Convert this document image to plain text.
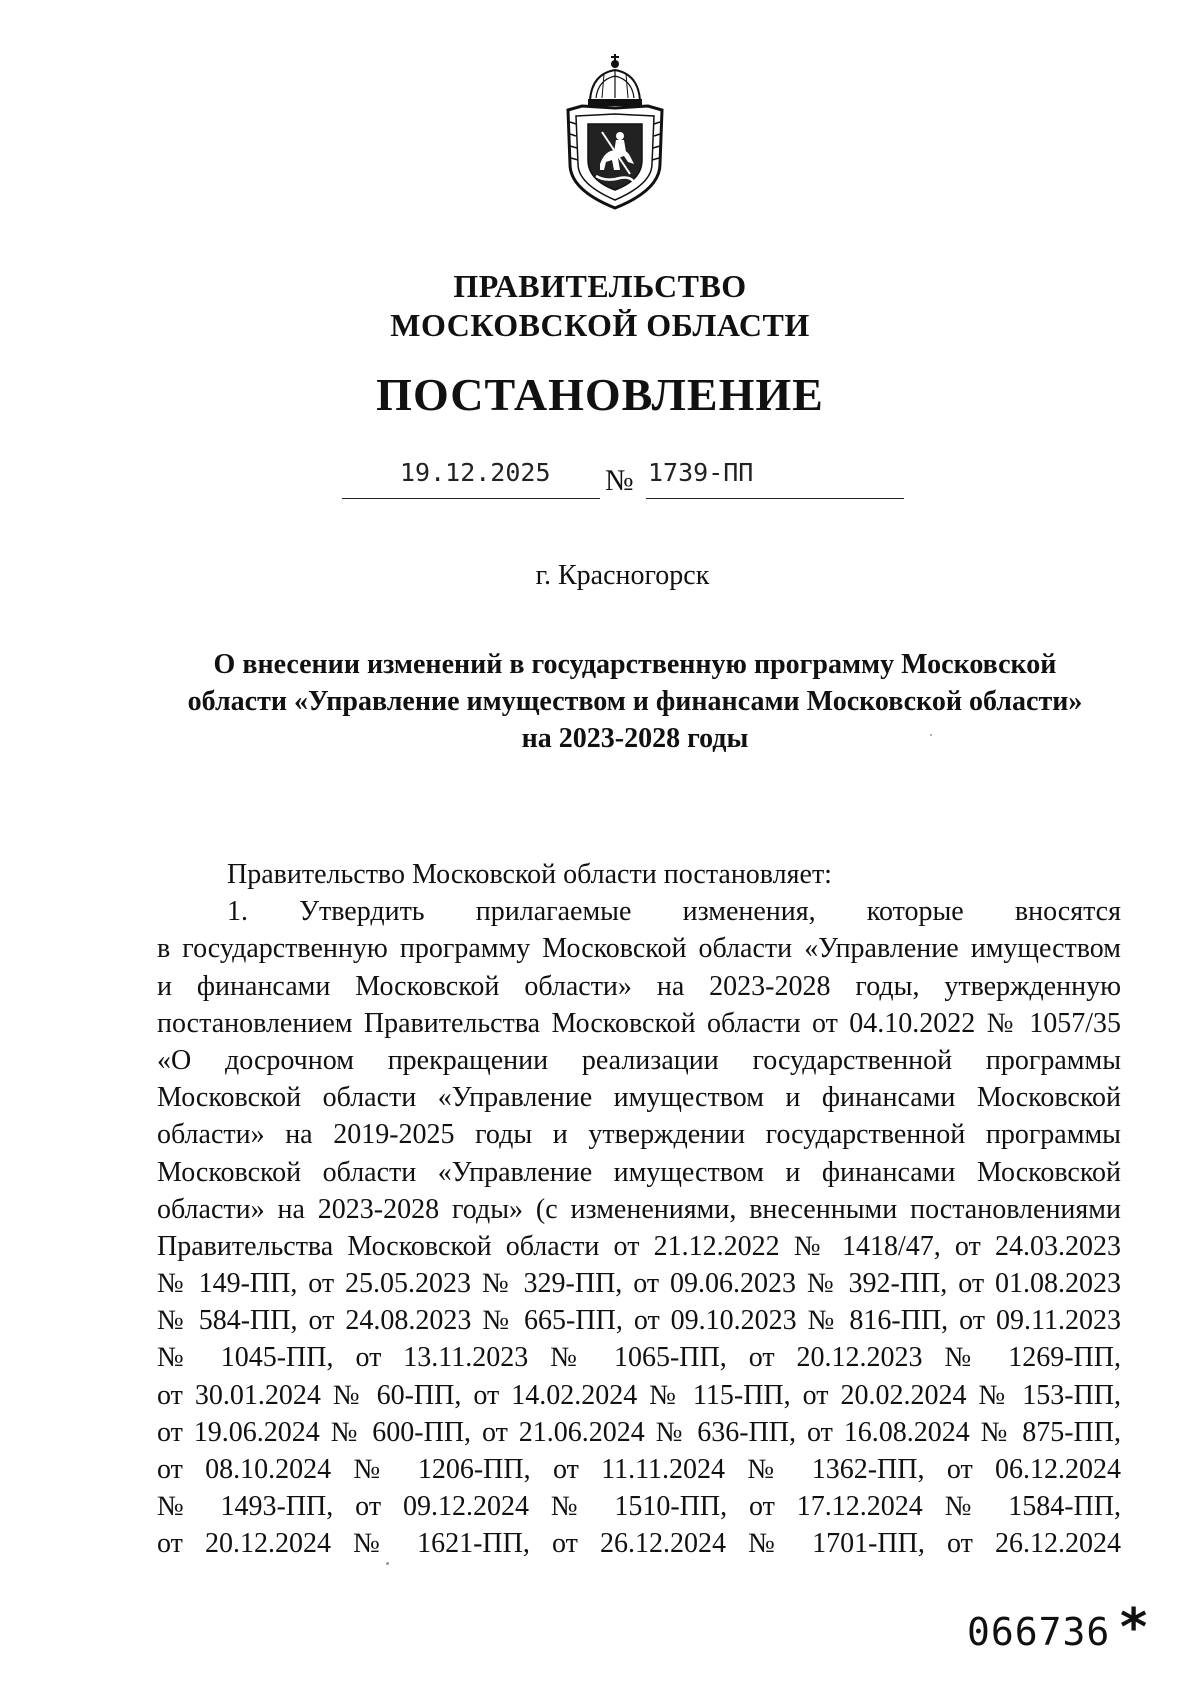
ПРАВИТЕЛЬСТВО
МОСКОВСКОЙ ОБЛАСТИ
ПОСТАНОВЛЕНИЕ
19.12.2025 № 1739-ПП
г. Красногорск
О внесении изменений в государственную программу Московской
области «Управление имуществом и финансами Московской области»
на 2023-2028 годы
Правительство Московской области постановляет:
1. Утвердить прилагаемые изменения, которые вносятся
в государственную программу Московской области «Управление имуществом
и финансами Московской области» на 2023-2028 годы, утвержденную
постановлением Правительства Московской области от 04.10.2022 № 1057/35
«О досрочном прекращении реализации государственной программы
Московской области «Управление имуществом и финансами Московской
области» на 2019-2025 годы и утверждении государственной программы
Московской области «Управление имуществом и финансами Московской
области» на 2023-2028 годы» (с изменениями, внесенными постановлениями
Правительства Московской области от 21.12.2022 № 1418/47, от 24.03.2023
№ 149-ПП, от 25.05.2023 № 329-ПП, от 09.06.2023 № 392-ПП, от 01.08.2023
№ 584-ПП, от 24.08.2023 № 665-ПП, от 09.10.2023 № 816-ПП, от 09.11.2023
№ 1045-ПП, от 13.11.2023 № 1065-ПП, от 20.12.2023 № 1269-ПП,
от 30.01.2024 № 60-ПП, от 14.02.2024 № 115-ПП, от 20.02.2024 № 153-ПП,
от 19.06.2024 № 600-ПП, от 21.06.2024 № 636-ПП, от 16.08.2024 № 875-ПП,
от 08.10.2024 № 1206-ПП, от 11.11.2024 № 1362-ПП, от 06.12.2024
№ 1493-ПП, от 09.12.2024 № 1510-ПП, от 17.12.2024 № 1584-ПП,
от 20.12.2024 № 1621-ПП, от 26.12.2024 № 1701-ПП, от 26.12.2024
066736 *
